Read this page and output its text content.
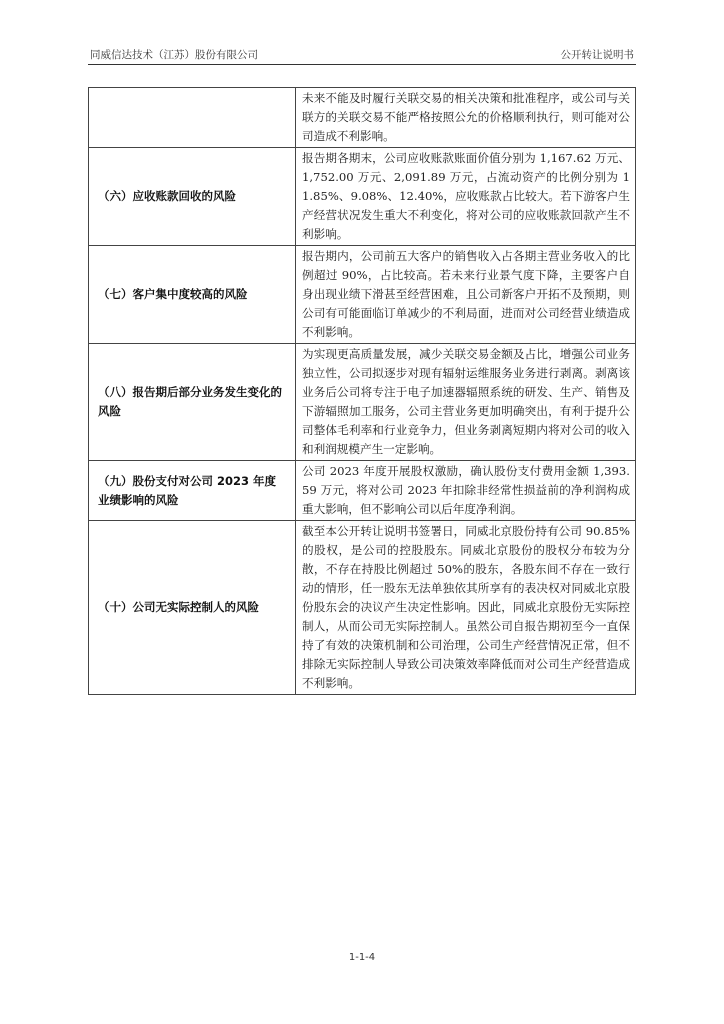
同威信达技术（江苏）股份有限公司	公开转让说明书
	未来不能及时履行关联交易的相关决策和批准程序，或公司与关联方的关联交易不能严格按照公允的价格顺利执行，则可能对公司造成不利影响。
（六）应收账款回收的风险	报告期各期末，公司应收账款账面价值分别为 1,167.62 万元、1,752.00 万元、2,091.89 万元，占流动资产的比例分别为 11.85%、9.08%、12.40%，应收账款占比较大。若下游客户生产经营状况发生重大不利变化，将对公司的应收账款回款产生不利影响。
（七）客户集中度较高的风险	报告期内，公司前五大客户的销售收入占各期主营业务收入的比例超过 90%，占比较高。若未来行业景气度下降，主要客户自身出现业绩下滑甚至经营困难，且公司新客户开拓不及预期，则公司有可能面临订单减少的不利局面，进而对公司经营业绩造成不利影响。
（八）报告期后部分业务发生变化的风险	为实现更高质量发展，减少关联交易金额及占比，增强公司业务独立性，公司拟逐步对现有辐射运维服务业务进行剥离。剥离该业务后公司将专注于电子加速器辐照系统的研发、生产、销售及下游辐照加工服务，公司主营业务更加明确突出，有利于提升公司整体毛利率和行业竞争力，但业务剥离短期内将对公司的收入和利润规模产生一定影响。
（九）股份支付对公司 2023 年度业绩影响的风险	公司 2023 年度开展股权激励，确认股份支付费用金额 1,393.59 万元，将对公司 2023 年扣除非经常性损益前的净利润构成重大影响，但不影响公司以后年度净利润。
（十）公司无实际控制人的风险	截至本公开转让说明书签署日，同威北京股份持有公司 90.85%的股权，是公司的控股股东。同威北京股份的股权分布较为分散，不存在持股比例超过 50%的股东，各股东间不存在一致行动的情形，任一股东无法单独依其所享有的表决权对同威北京股份股东会的决议产生决定性影响。因此，同威北京股份无实际控制人，从而公司无实际控制人。虽然公司自报告期初至今一直保持了有效的决策机制和公司治理，公司生产经营情况正常，但不排除无实际控制人导致公司决策效率降低而对公司生产经营造成不利影响。
1-1-4
